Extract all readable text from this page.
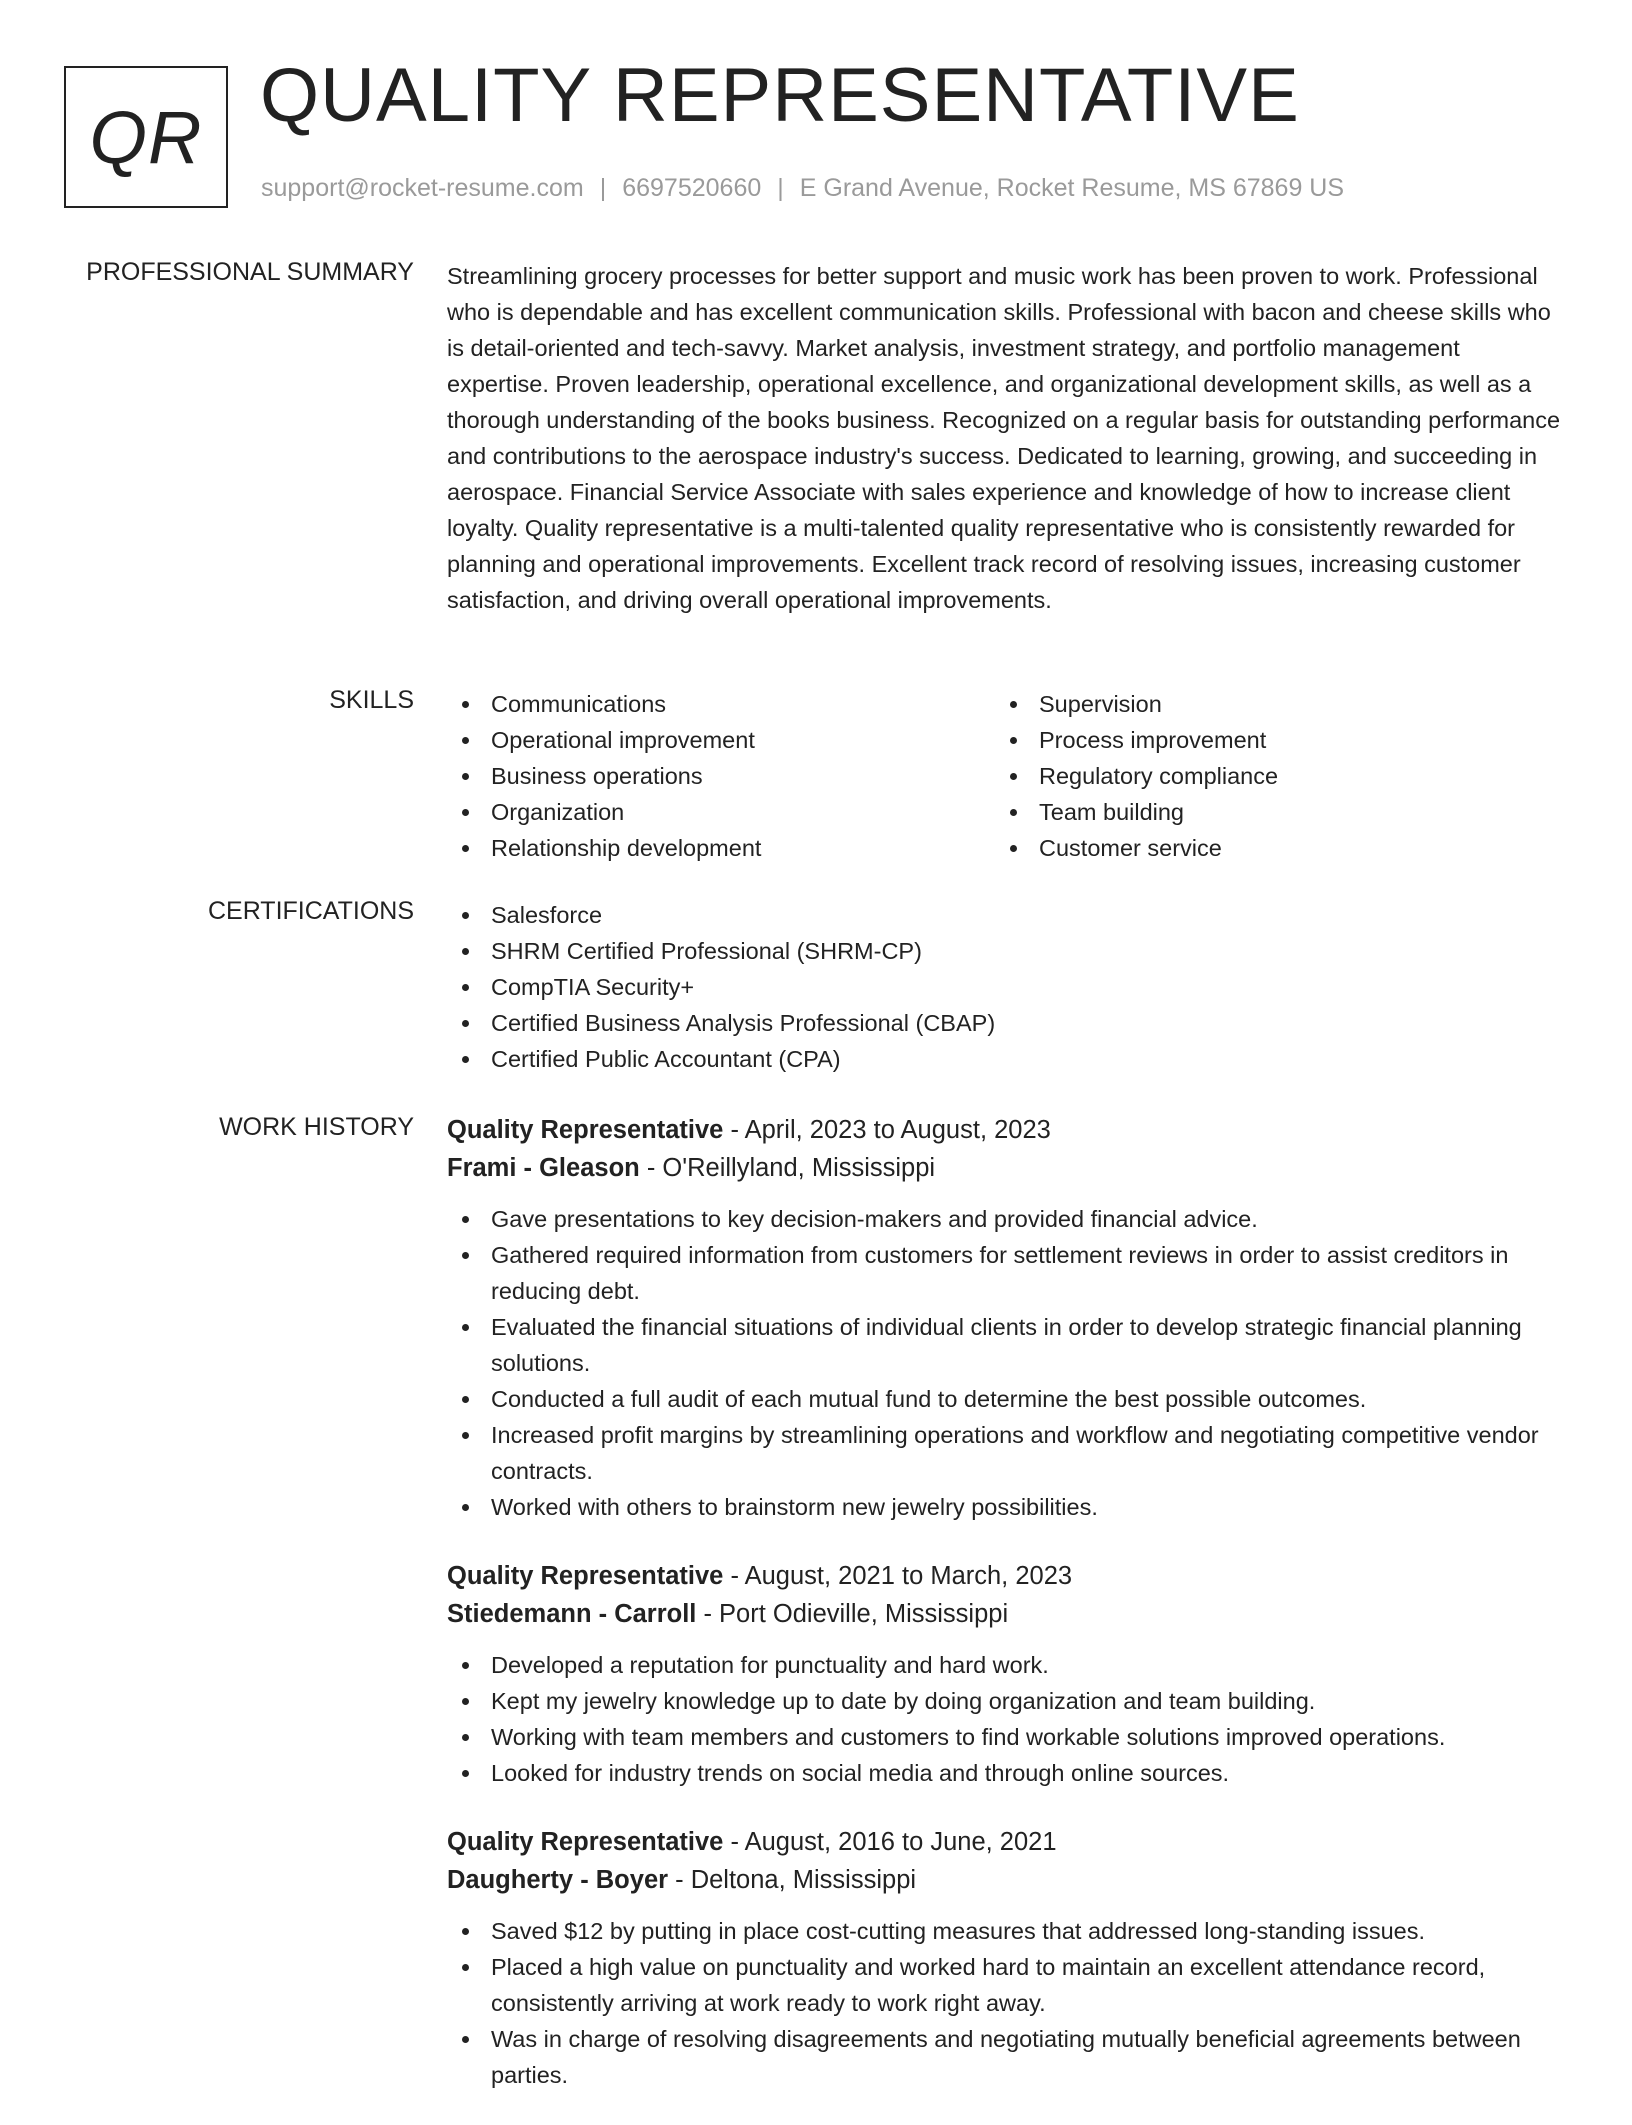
QR QUALITY REPRESENTATIVE
support@rocket-resume.com | 6697520660 | E Grand Avenue, Rocket Resume, MS 67869 US
PROFESSIONAL SUMMARY Streamlining grocery processes for better support and music work has been proven to work. Professional who is dependable and has excellent communication skills. Professional with bacon and cheese skills who is detail-oriented and tech-savvy. Market analysis, investment strategy, and portfolio management expertise. Proven leadership, operational excellence, and organizational development skills, as well as a thorough understanding of the books business. Recognized on a regular basis for outstanding performance and contributions to the aerospace industry's success. Dedicated to learning, growing, and succeeding in aerospace. Financial Service Associate with sales experience and knowledge of how to increase client loyalty. Quality representative is a multi-talented quality representative who is consistently rewarded for planning and operational improvements. Excellent track record of resolving issues, increasing customer satisfaction, and driving overall operational improvements.

SKILLS	Communications
Operational improvement
Business operations
Organization
Relationship development
Supervision
Process improvement
Regulatory compliance
Team building
Customer service
CERTIFICATIONS	Salesforce
SHRM Certified Professional (SHRM-CP)
CompTIA Security+
Certified Business Analysis Professional (CBAP)
Certified Public Accountant (CPA)
WORK HISTORY Quality Representative - April, 2023 to August, 2023
Frami - Gleason - O'Reillyland, Mississippi
Gave presentations to key decision-makers and provided financial advice.
Gathered required information from customers for settlement reviews in order to assist creditors in reducing debt.
Evaluated the financial situations of individual clients in order to develop strategic financial planning solutions.
Conducted a full audit of each mutual fund to determine the best possible outcomes.
Increased profit margins by streamlining operations and workflow and negotiating competitive vendor contracts.
Worked with others to brainstorm new jewelry possibilities.
Quality Representative - August, 2021 to March, 2023
Stiedemann - Carroll - Port Odieville, Mississippi
Developed a reputation for punctuality and hard work.
Kept my jewelry knowledge up to date by doing organization and team building.
Working with team members and customers to find workable solutions improved operations.
Looked for industry trends on social media and through online sources.
Quality Representative - August, 2016 to June, 2021
Daugherty - Boyer - Deltona, Mississippi
Saved $12 by putting in place cost-cutting measures that addressed long-standing issues.
Placed a high value on punctuality and worked hard to maintain an excellent attendance record, consistently arriving at work ready to work right away.
Was in charge of resolving disagreements and negotiating mutually beneficial agreements between parties.
